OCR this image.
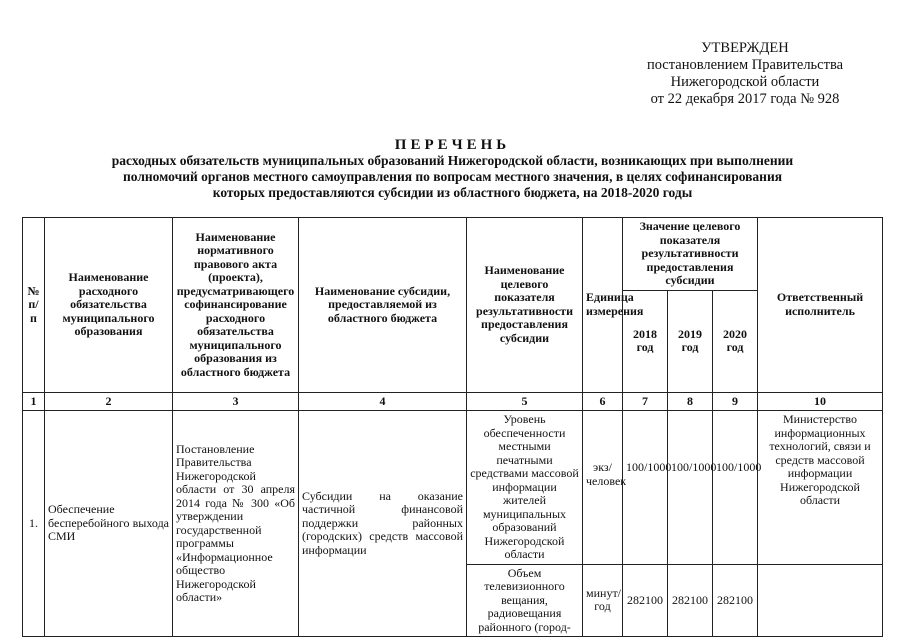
УТВЕРЖДЕН
постановлением Правительства
Нижегородской области
от 22 декабря 2017 года № 928
ПЕРЕЧЕНЬ
расходных обязательств муниципальных образований Нижегородской области, возникающих при выполнении
полномочий органов местного самоуправления по вопросам местного значения, в целях софинансирования
которых предоставляются субсидии из областного бюджета, на 2018-2020 годы
№ п/п	Наименование расходного обязательства муниципального образования	Наименование нормативного правового акта (проекта), предусматривающего софинансирование расходного обязательства муниципального образования из областного бюджета	Наименование субсидии, предоставляемой из областного бюджета	Наименование целевого показателя результативности предоставления субсидии	Единица измерения	Значение целевого показателя результативности предоставления субсидии			Ответственный исполнитель
						2018 год	2019 год	2020 год	
1	2	3	4	5	6	7	8	9	10
1.	Обеспечение бесперебойного выхода СМИ	Постановление Правительства Нижегородской области от 30 апреля 2014 года № 300 «Об утверждении государственной программы «Информационное общество Нижегородской области»	Субсидии на оказание частичной финансовой поддержки районных (городских) средств массовой информации	Уровень обеспеченности местными печатными средствами массовой информации жителей муниципальных образований Нижегородской области	экз/человек	100/1000	100/1000	100/1000	Министерство информационных технологий, связи и средств массовой информации Нижегородской области
				Объем телевизионного вещания, радиовещания районного (город-	минут/год	282100	282100	282100	
